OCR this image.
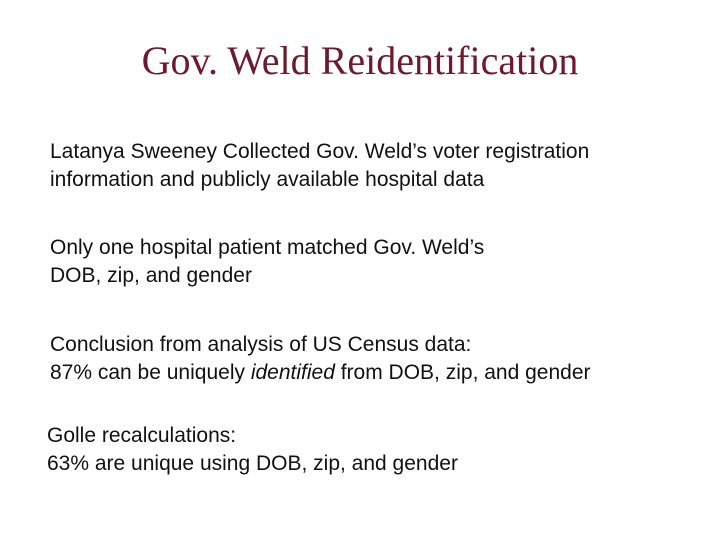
Gov. Weld Reidentification

Latanya Sweeney Collected Gov. Weld’s voter registration
information and publicly available hospital data

Only one hospital patient matched Gov. Weld’s
DOB, zip, and gender

Conclusion from analysis of US Census data:
87% can be uniquely identified from DOB, zip, and gender

Golle recalculations:
63% are unique using DOB, zip, and gender
